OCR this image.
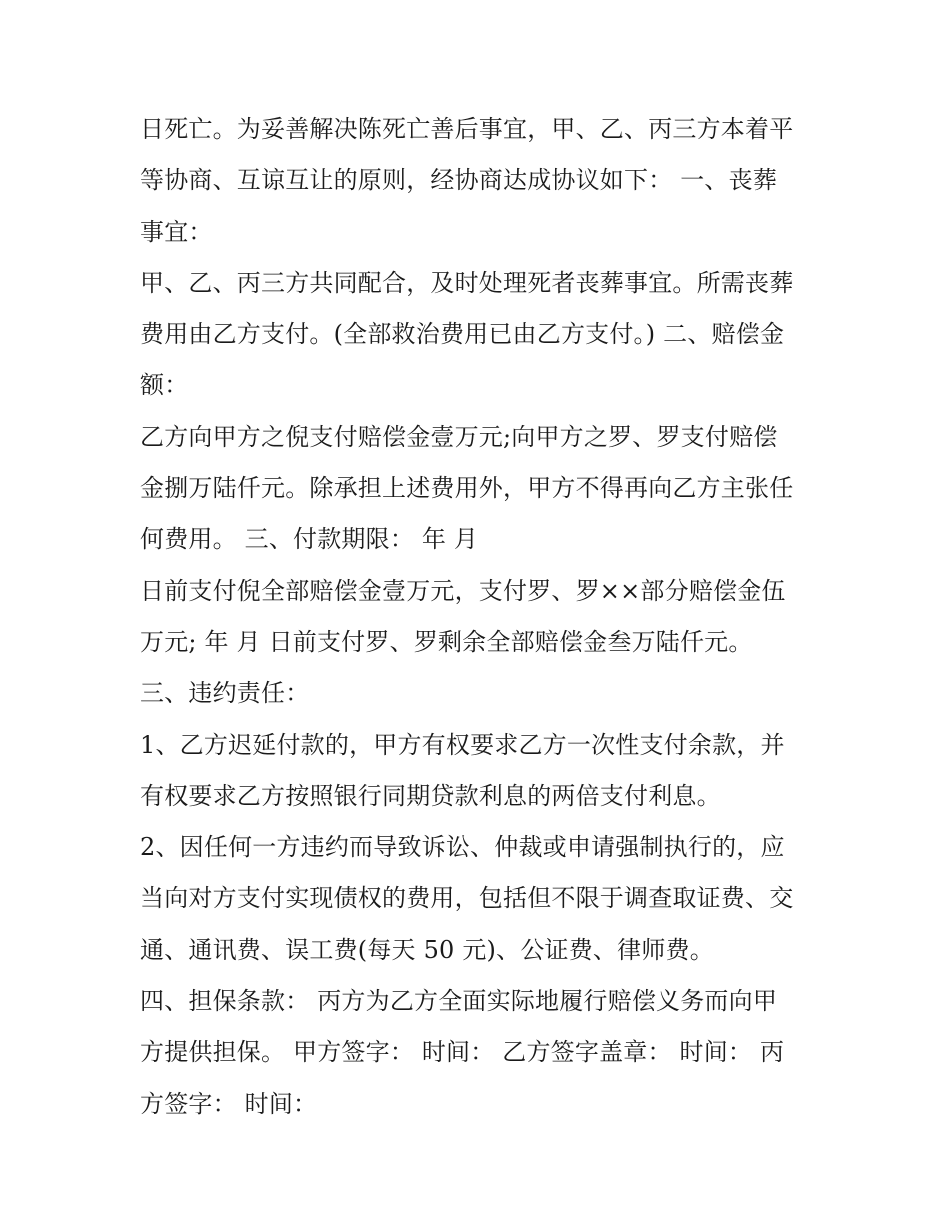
日死亡。为妥善解决陈死亡善后事宜，甲、乙、丙三方本着平
等协商、互谅互让的原则，经协商达成协议如下： 一、丧葬
事宜：
甲、乙、丙三方共同配合，及时处理死者丧葬事宜。所需丧葬
费用由乙方支付。(全部救治费用已由乙方支付。) 二、赔偿金
额：
乙方向甲方之倪支付赔偿金壹万元;向甲方之罗、罗支付赔偿
金捌万陆仟元。除承担上述费用外，甲方不得再向乙方主张任
何费用。 三、付款期限： 年 月
日前支付倪全部赔偿金壹万元，支付罗、罗××部分赔偿金伍
万元; 年 月 日前支付罗、罗剩余全部赔偿金叁万陆仟元。
三、违约责任：
1、乙方迟延付款的，甲方有权要求乙方一次性支付余款，并
有权要求乙方按照银行同期贷款利息的两倍支付利息。
2、因任何一方违约而导致诉讼、仲裁或申请强制执行的，应
当向对方支付实现债权的费用，包括但不限于调查取证费、交
通、通讯费、误工费(每天 50 元)、公证费、律师费。
四、担保条款： 丙方为乙方全面实际地履行赔偿义务而向甲
方提供担保。 甲方签字： 时间： 乙方签字盖章： 时间： 丙
方签字： 时间：
